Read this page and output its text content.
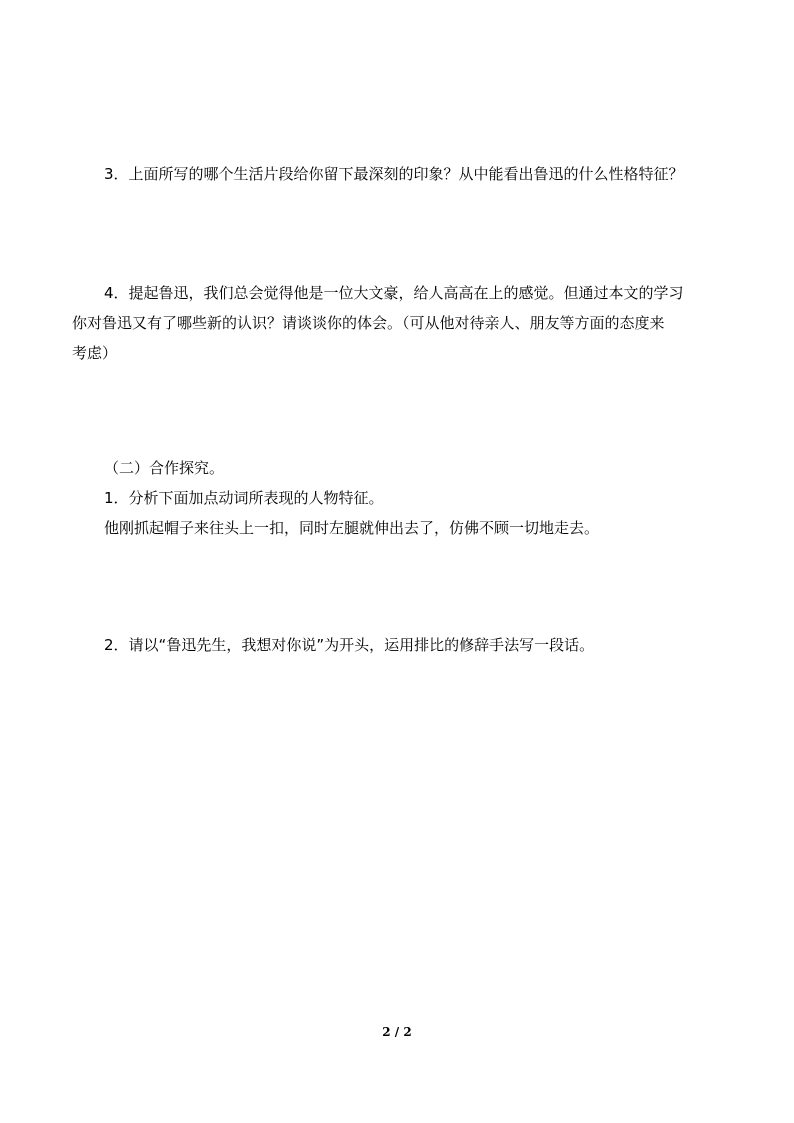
3．上面所写的哪个生活片段给你留下最深刻的印象？从中能看出鲁迅的什么性格特征？
4．提起鲁迅，我们总会觉得他是一位大文豪，给人高高在上的感觉。但通过本文的学习
你对鲁迅又有了哪些新的认识？请谈谈你的体会。（可从他对待亲人、朋友等方面的态度来
考虑）
（二）合作探究。
1．分析下面加点动词所表现的人物特征。
他刚抓起帽子来往头上一扣，同时左腿就伸出去了，仿佛不顾一切地走去。
2．请以“鲁迅先生，我想对你说”为开头，运用排比的修辞手法写一段话。
2 / 2
